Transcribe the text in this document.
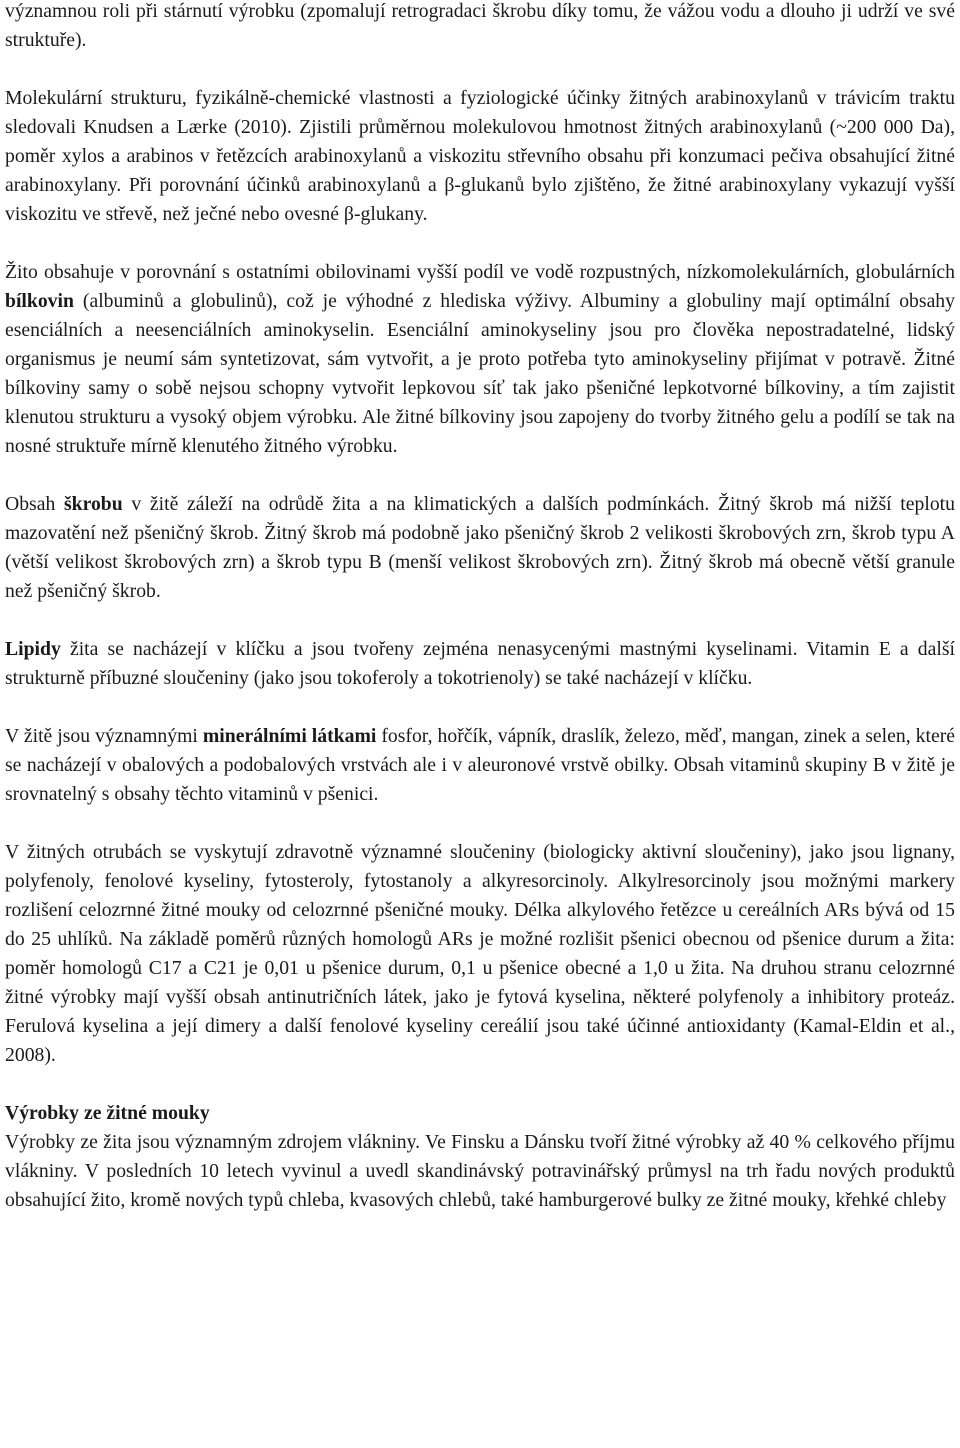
významnou roli při stárnutí výrobku (zpomalují retrogradaci škrobu díky tomu, že vážou vodu a dlouho ji udrží ve své struktuře).

Molekulární strukturu, fyzikálně-chemické vlastnosti a fyziologické účinky žitných arabinoxylanů v trávicím traktu sledovali Knudsen a Lærke (2010). Zjistili průměrnou molekulovou hmotnost žitných arabinoxylanů (~200 000 Da), poměr xylos a arabinos v řetězcích arabinoxylanů a viskozitu střevního obsahu při konzumaci pečiva obsahující žitné arabinoxylany. Při porovnání účinků arabinoxylanů a β-glukanů bylo zjištěno, že žitné arabinoxylany vykazují vyšší viskozitu ve střevě, než ječné nebo ovesné β-glukany.

Žito obsahuje v porovnání s ostatními obilovinami vyšší podíl ve vodě rozpustných, nízkomolekulárních, globulárních bílkovin (albuminů a globulinů), což je výhodné z hlediska výživy. Albuminy a globuliny mají optimální obsahy esenciálních a neesenciálních aminokyselin. Esenciální aminokyseliny jsou pro člověka nepostradatelné, lidský organismus je neumí sám syntetizovat, sám vytvořit, a je proto potřeba tyto aminokyseliny přijímat v potravě. Žitné bílkoviny samy o sobě nejsou schopny vytvořit lepkovou síť tak jako pšeničné lepkotvorné bílkoviny, a tím zajistit klenutou strukturu a vysoký objem výrobku. Ale žitné bílkoviny jsou zapojeny do tvorby žitného gelu a podílí se tak na nosné struktuře mírně klenutého žitného výrobku.

Obsah škrobu v žitě záleží na odrůdě žita a na klimatických a dalších podmínkách. Žitný škrob má nižší teplotu mazovatění než pšeničný škrob. Žitný škrob má podobně jako pšeničný škrob 2 velikosti škrobových zrn, škrob typu A (větší velikost škrobových zrn) a škrob typu B (menší velikost škrobových zrn). Žitný škrob má obecně větší granule než pšeničný škrob.

Lipidy žita se nacházejí v klíčku a jsou tvořeny zejména nenasycenými mastnými kyselinami. Vitamin E a další strukturně příbuzné sloučeniny (jako jsou tokoferoly a tokotrienoly) se také nacházejí v klíčku.

V žitě jsou významnými minerálními látkami fosfor, hořčík, vápník, draslík, železo, měď, mangan, zinek a selen, které se nacházejí v obalových a podobalových vrstvách ale i v aleuronové vrstvě obilky. Obsah vitaminů skupiny B v žitě je srovnatelný s obsahy těchto vitaminů v pšenici.

V žitných otrubách se vyskytují zdravotně významné sloučeniny (biologicky aktivní sloučeniny), jako jsou lignany, polyfenoly, fenolové kyseliny, fytosteroly, fytostanoly a alkyresorcinoly. Alkylresorcinoly jsou možnými markery rozlišení celozrnné žitné mouky od celozrnné pšeničné mouky. Délka alkylového řetězce u cereálních ARs bývá od 15 do 25 uhlíků. Na základě poměrů různých homologů ARs je možné rozlišit pšenici obecnou od pšenice durum a žita: poměr homologů C17 a C21 je 0,01 u pšenice durum, 0,1 u pšenice obecné a 1,0 u žita. Na druhou stranu celozrnné žitné výrobky mají vyšší obsah antinutričních látek, jako je fytová kyselina, některé polyfenoly a inhibitory proteáz. Ferulová kyselina a její dimery a další fenolové kyseliny cereálií jsou také účinné antioxidanty (Kamal-Eldin et al., 2008).

Výrobky ze žitné mouky

Výrobky ze žita jsou významným zdrojem vlákniny. Ve Finsku a Dánsku tvoří žitné výrobky až 40 % celkového příjmu vlákniny. V posledních 10 letech vyvinul a uvedl skandinávský potravinářský průmysl na trh řadu nových produktů obsahující žito, kromě nových typů chleba, kvasových chlebů, také hamburgerové bulky ze žitné mouky, křehké chleby
